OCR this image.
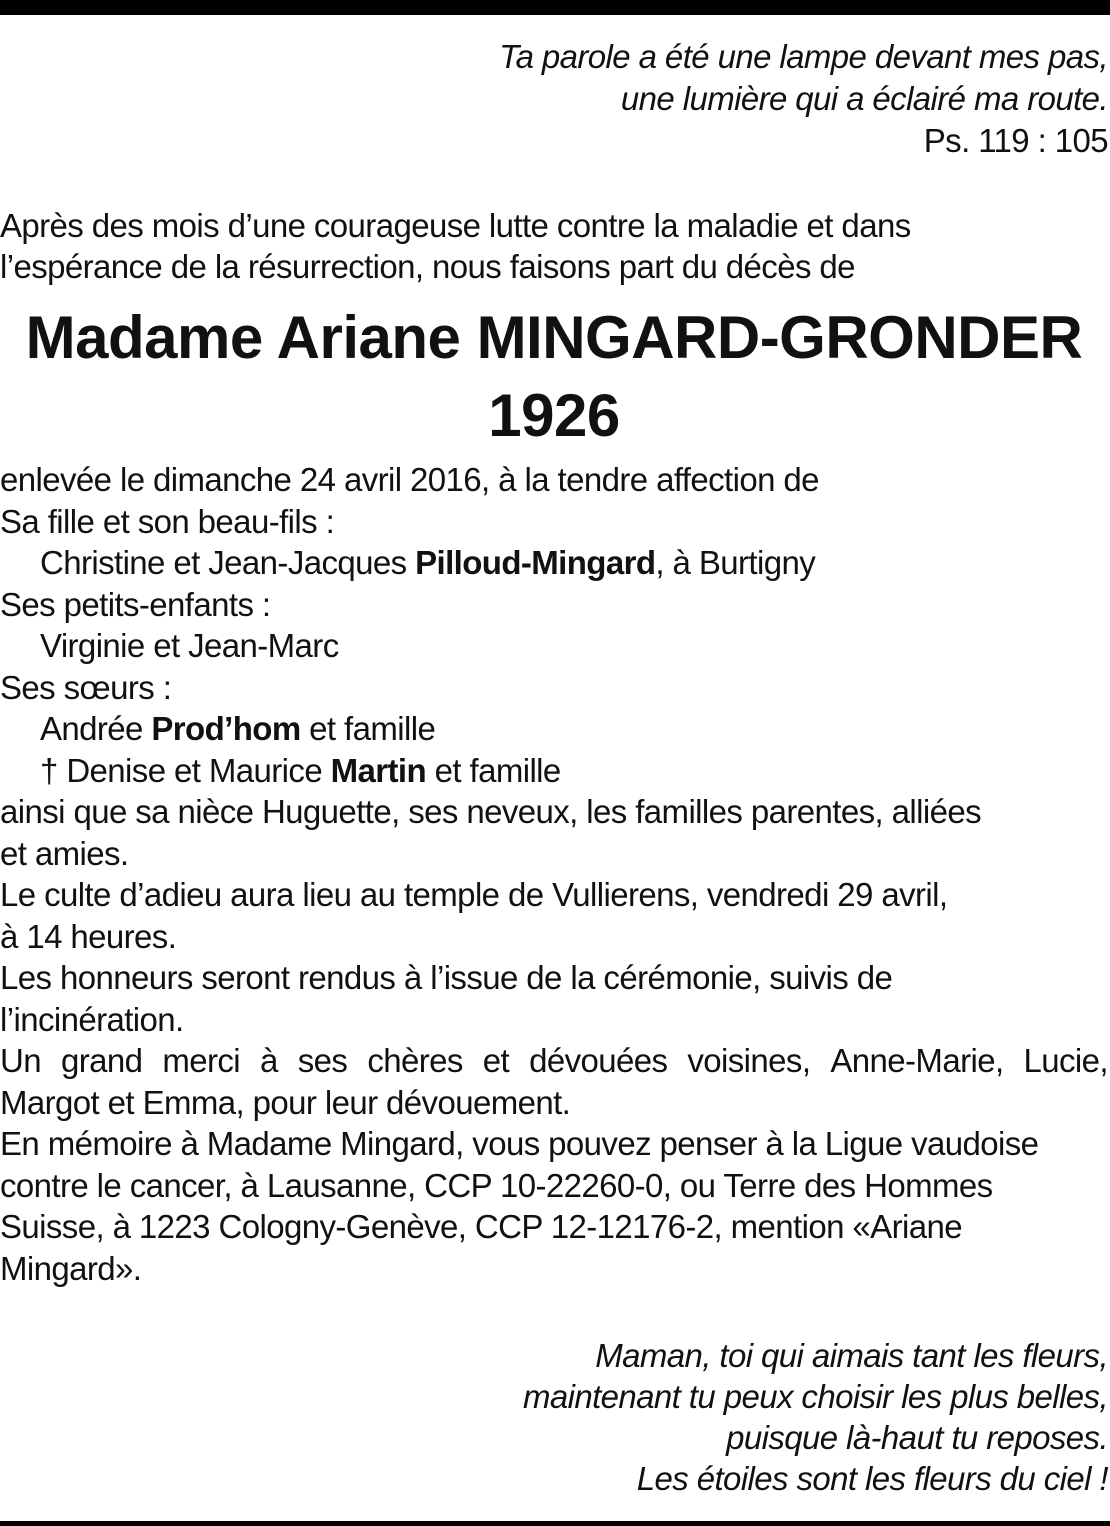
Ta parole a été une lampe devant mes pas,
une lumière qui a éclairé ma route.
Ps. 119 : 105
Après des mois d’une courageuse lutte contre la maladie et dans
l’espérance de la résurrection, nous faisons part du décès de
Madame Ariane MINGARD-GRONDER
1926
enlevée le dimanche 24 avril 2016, à la tendre affection de
Sa fille et son beau-fils :
Christine et Jean-Jacques Pilloud-Mingard, à Burtigny
Ses petits-enfants :
Virginie et Jean-Marc
Ses sœurs :
Andrée Prod’hom et famille
† Denise et Maurice Martin et famille
ainsi que sa nièce Huguette, ses neveux, les familles parentes, alliées
et amies.
Le culte d’adieu aura lieu au temple de Vullierens, vendredi 29 avril,
à 14 heures.
Les honneurs seront rendus à l’issue de la cérémonie, suivis de
l’incinération.
Un grand merci à ses chères et dévouées voisines, Anne-Marie, Lucie,
Margot et Emma, pour leur dévouement.
En mémoire à Madame Mingard, vous pouvez penser à la Ligue vaudoise
contre le cancer, à Lausanne, CCP 10-22260-0, ou Terre des Hommes
Suisse, à 1223 Cologny-Genève, CCP 12-12176-2, mention «Ariane
Mingard».
Maman, toi qui aimais tant les fleurs,
maintenant tu peux choisir les plus belles,
puisque là-haut tu reposes.
Les étoiles sont les fleurs du ciel !
